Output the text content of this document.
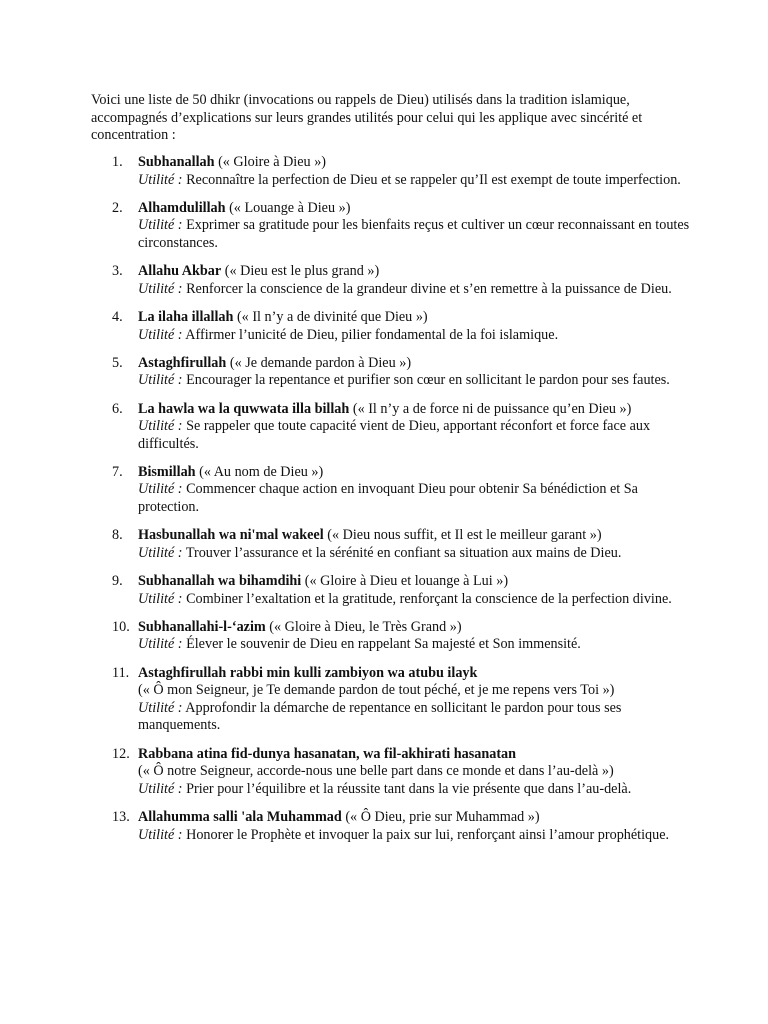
Voici une liste de 50 dhikr (invocations ou rappels de Dieu) utilisés dans la tradition islamique, accompagnés d’explications sur leurs grandes utilités pour celui qui les applique avec sincérité et concentration :

1. Subhanallah (« Gloire à Dieu »)
Utilité : Reconnaître la perfection de Dieu et se rappeler qu’Il est exempt de toute imperfection.
2. Alhamdulillah (« Louange à Dieu »)
Utilité : Exprimer sa gratitude pour les bienfaits reçus et cultiver un cœur reconnaissant en toutes circonstances.
3. Allahu Akbar (« Dieu est le plus grand »)
Utilité : Renforcer la conscience de la grandeur divine et s’en remettre à la puissance de Dieu.
4. La ilaha illallah (« Il n’y a de divinité que Dieu »)
Utilité : Affirmer l’unicité de Dieu, pilier fondamental de la foi islamique.
5. Astaghfirullah (« Je demande pardon à Dieu »)
Utilité : Encourager la repentance et purifier son cœur en sollicitant le pardon pour ses fautes.
6. La hawla wa la quwwata illa billah (« Il n’y a de force ni de puissance qu’en Dieu »)
Utilité : Se rappeler que toute capacité vient de Dieu, apportant réconfort et force face aux difficultés.
7. Bismillah (« Au nom de Dieu »)
Utilité : Commencer chaque action en invoquant Dieu pour obtenir Sa bénédiction et Sa protection.
8. Hasbunallah wa ni'mal wakeel (« Dieu nous suffit, et Il est le meilleur garant »)
Utilité : Trouver l’assurance et la sérénité en confiant sa situation aux mains de Dieu.
9. Subhanallah wa bihamdihi (« Gloire à Dieu et louange à Lui »)
Utilité : Combiner l’exaltation et la gratitude, renforçant la conscience de la perfection divine.
10. Subhanallahi-l-‘azim (« Gloire à Dieu, le Très Grand »)
Utilité : Élever le souvenir de Dieu en rappelant Sa majesté et Son immensité.
11. Astaghfirullah rabbi min kulli zambiyon wa atubu ilayk
(« Ô mon Seigneur, je Te demande pardon de tout péché, et je me repens vers Toi »)
Utilité : Approfondir la démarche de repentance en sollicitant le pardon pour tous ses manquements.
12. Rabbana atina fid-dunya hasanatan, wa fil-akhirati hasanatan
(« Ô notre Seigneur, accorde-nous une belle part dans ce monde et dans l’au-delà »)
Utilité : Prier pour l’équilibre et la réussite tant dans la vie présente que dans l’au-delà.
13. Allahumma salli 'ala Muhammad (« Ô Dieu, prie sur Muhammad »)
Utilité : Honorer le Prophète et invoquer la paix sur lui, renforçant ainsi l’amour prophétique.
